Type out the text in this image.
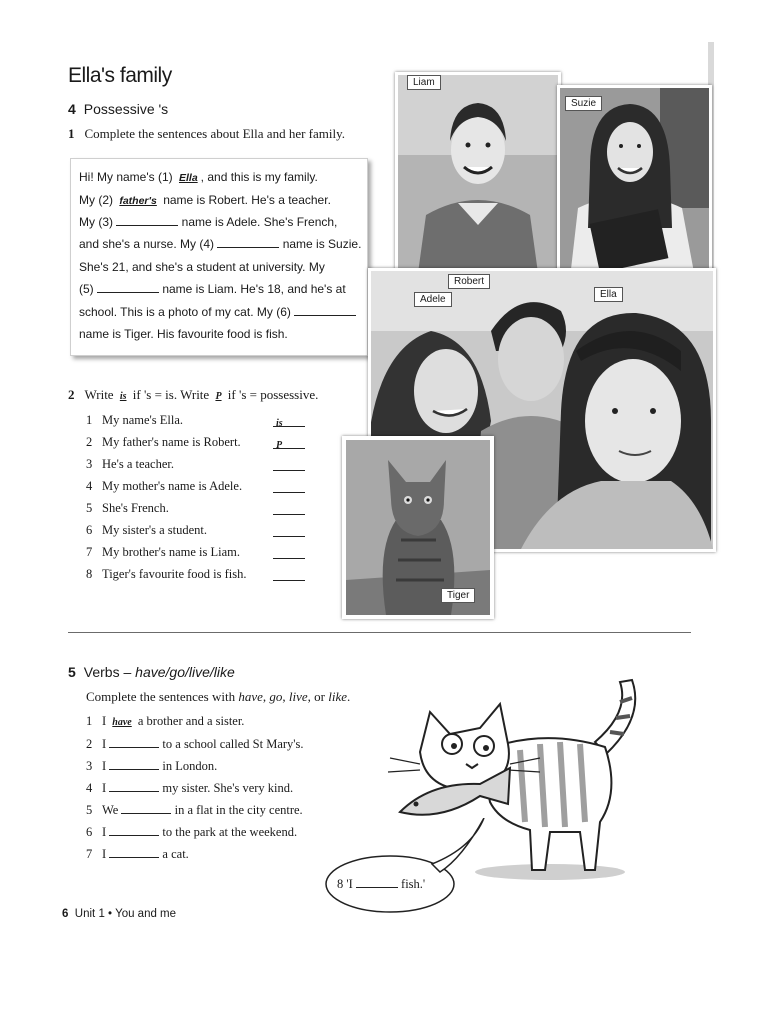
Ella's family
4 Possessive 's
1 Complete the sentences about Ella and her family.
Hi! My name's (1) Ella , and this is my family.
My (2) father's name is Robert. He's a teacher.
My (3)	name is Adele. She's French,
and she's a nurse. My (4)	name is Suzie.
She's 21, and she's a student at university. My
(5)	name is Liam. He's 18, and he's at
school. This is a photo of my cat. My (6)
name is Tiger. His favourite food is fish.
2 Write is if 's = is. Write P if 's = possessive.
1 My name's Ella.
2 My father's name is Robert.
3 He's a teacher.
4 My mother's name is Adele.
5 She's French.
6 My sister's a student.
7 My brother's name is Liam.
8 Tiger's favourite food is fish.
is
P
Liam
Suzie
Robert
Adele	Ella
Tiger
5 Verbs – have/go/live/like
Complete the sentences with have, go, live, or like.
1 I have a brother and a sister.
2 I	to a school called St Mary's.
3 I	in London.
4 I	my sister. She's very kind.
5 We	in a flat in the city centre.
6 I	to the park at the weekend.
7 I	a cat.
8 'I	fish.'
6 Unit 1 • You and me
